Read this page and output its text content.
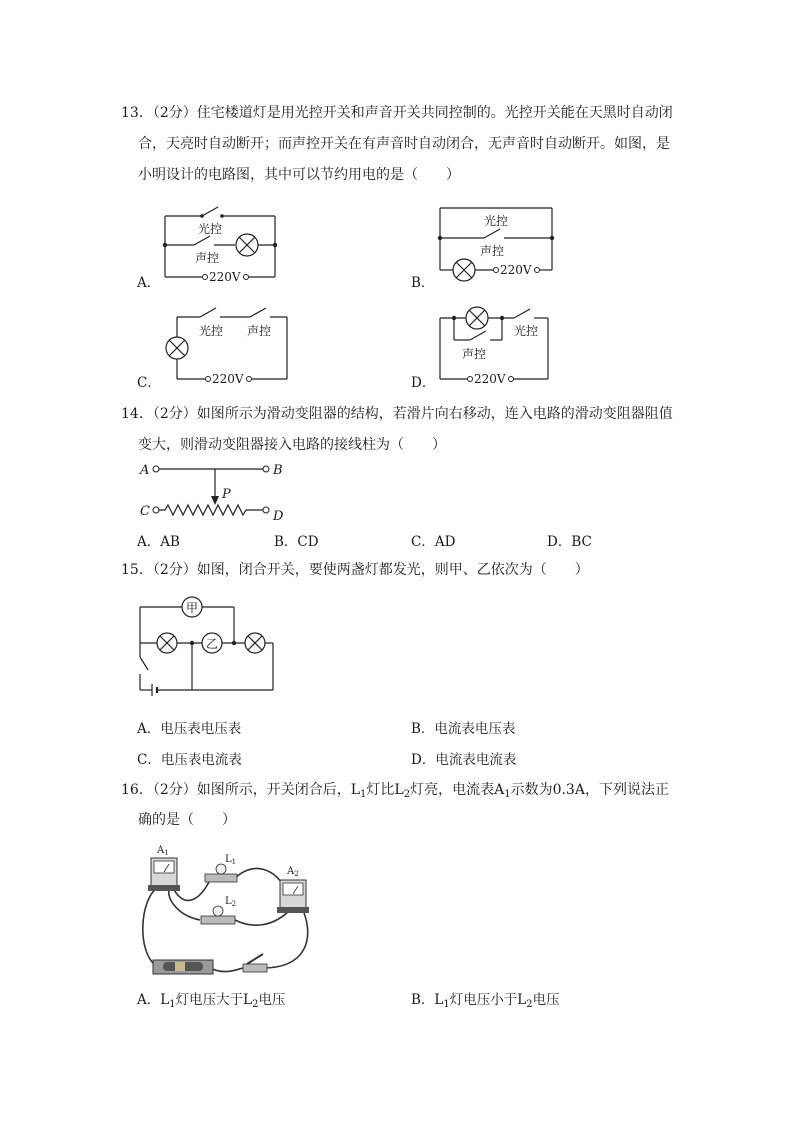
13．（2分）住宅楼道灯是用光控开关和声音开关共同控制的。光控开关能在天黑时自动闭
合，天亮时自动断开；而声控开关在有声音时自动闭合，无声音时自动断开。如图，是
小明设计的电路图，其中可以节约用电的是（　　）
A．
光控
声控
220V	B．
光控
声控
220V
C．
光控 声控
220V	D．
光控
声控
220V
14．（2分）如图所示为滑动变阻器的结构，若滑片向右移动，连入电路的滑动变阻器阻值
变大，则滑动变阻器接入电路的接线柱为（　　）
A	B
P
C	D
A．AB	B．CD	C．AD	D．BC
15．（2分）如图，闭合开关，要使两盏灯都发光，则甲、乙依次为（　　）
甲
乙
A．电压表电压表	B．电流表电压表
C．电压表电流表	D．电流表电流表
16．（2分）如图所示，开关闭合后，$L_1$灯比$L_2$灯亮，电流表$A_1$示数为0.3A，下列说法正
确的是（　　）
$A_1$
$L_1$
$A_2$
$L_2$
A．$L_1$灯电压大于$L_2$电压	B．$L_1$灯电压小于$L_2$电压
